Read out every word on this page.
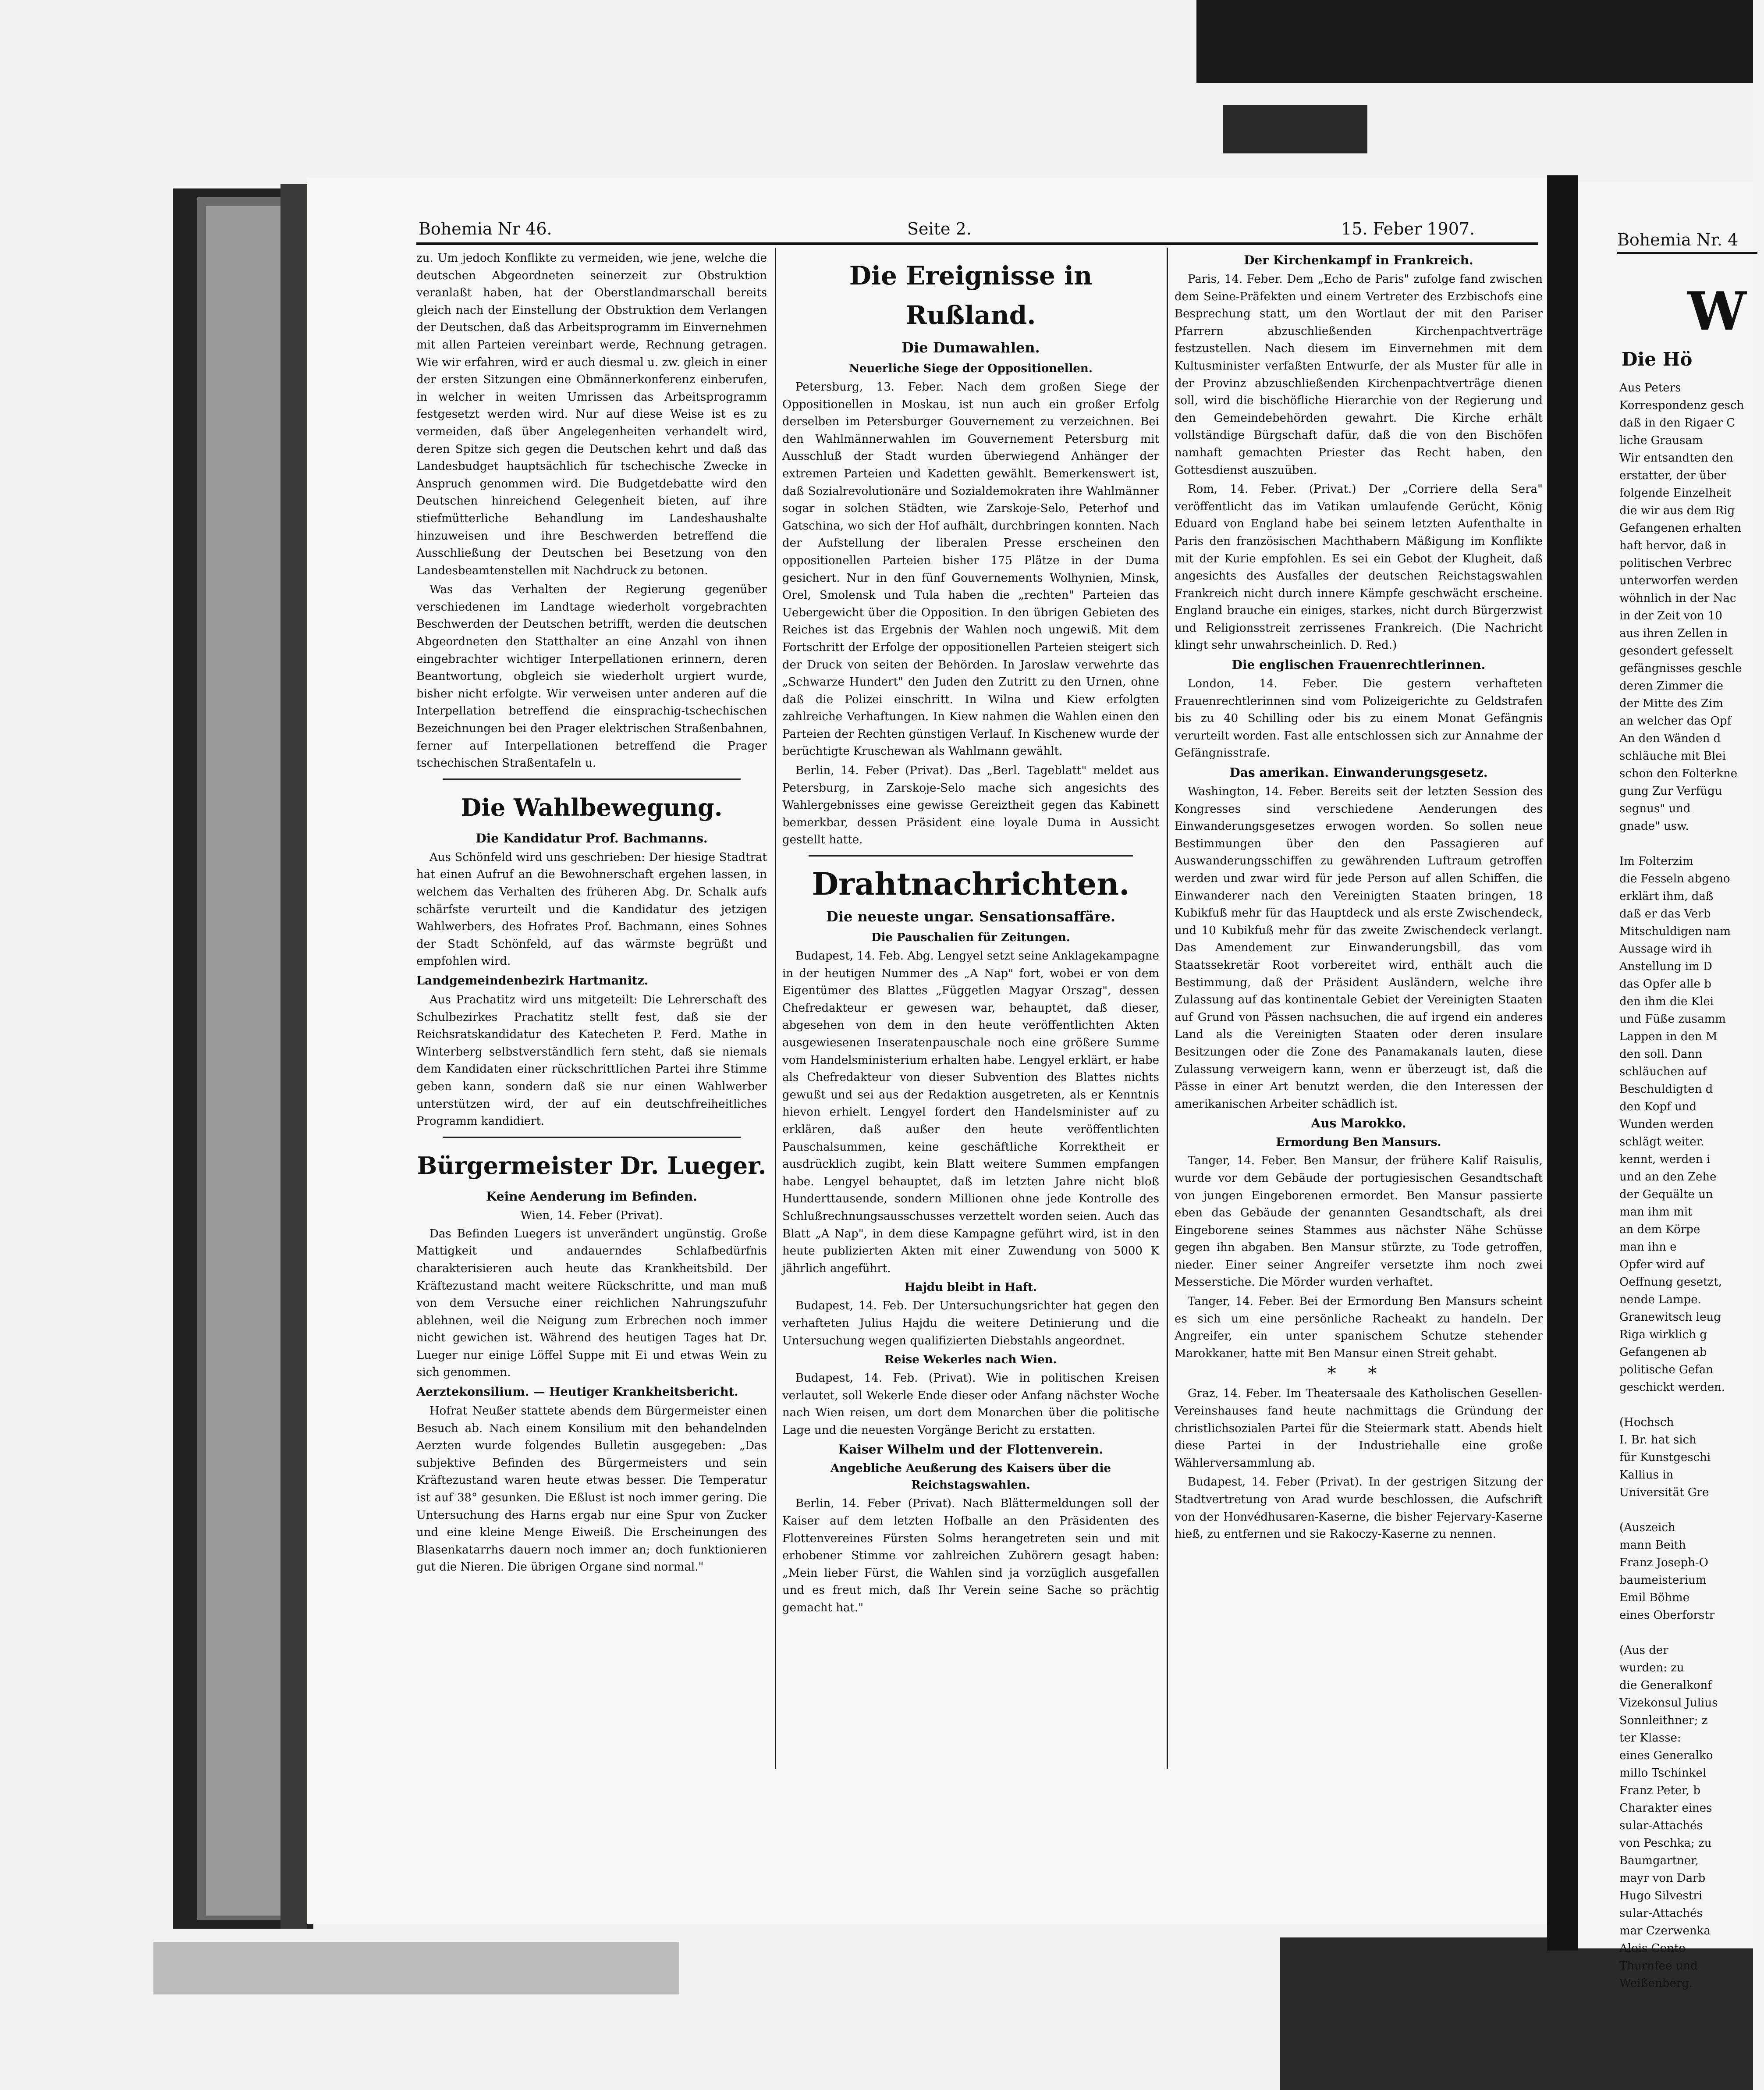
Bohemia Nr 46.	Seite 2.	15. Feber 1907.

zu. Um jedoch Konflikte zu vermeiden, wie jene, welche die deutschen Abgeordneten seinerzeit zur Obstruktion veranlaßt haben, hat der Oberstlandmarschall bereits gleich nach der Einstellung der Obstruktion dem Verlangen der Deutschen, daß das Arbeitsprogramm im Einvernehmen mit allen Parteien vereinbart werde, Rechnung getragen. Wie wir erfahren, wird er auch diesmal u. zw. gleich in einer der ersten Sitzungen eine Obmännerkonferenz einberufen, in welcher in weiten Umrissen das Arbeitsprogramm festgesetzt werden wird. Nur auf diese Weise ist es zu vermeiden, daß über Angelegenheiten verhandelt wird, deren Spitze sich gegen die Deutschen kehrt und daß das Landesbudget hauptsächlich für tschechische Zwecke in Anspruch genommen wird. Die Budgetdebatte wird den Deutschen hinreichend Gelegenheit bieten, auf ihre stiefmütterliche Behandlung im Landeshaushalte hinzuweisen und ihre Beschwerden betreffend die Ausschließung der Deutschen bei Besetzung von den Landesbeamtenstellen mit Nachdruck zu betonen.

Was das Verhalten der Regierung gegenüber verschiedenen im Landtage wiederholt vorgebrachten Beschwerden der Deutschen betrifft, werden die deutschen Abgeordneten den Statthalter an eine Anzahl von ihnen eingebrachter wichtiger Interpellationen erinnern, deren Beantwortung, obgleich sie wiederholt urgiert wurde, bisher nicht erfolgte. Wir verweisen unter anderen auf die Interpellation betreffend die einsprachig-tschechischen Bezeichnungen bei den Prager elektrischen Straßenbahnen, ferner auf Interpellationen betreffend die Prager tschechischen Straßentafeln u.

Die Wahlbewegung.
Die Kandidatur Prof. Bachmanns.

Aus Schönfeld wird uns geschrieben: Der hiesige Stadtrat hat einen Aufruf an die Bewohnerschaft ergehen lassen, in welchem das Verhalten des früheren Abg. Dr. Schalk aufs schärfste verurteilt und die Kandidatur des jetzigen Wahlwerbers, des Hofrates Prof. Bachmann, eines Sohnes der Stadt Schönfeld, auf das wärmste begrüßt und empfohlen wird.

Landgemeindenbezirk Hartmanitz.

Aus Prachatitz wird uns mitgeteilt: Die Lehrerschaft des Schulbezirkes Prachatitz stellt fest, daß sie der Reichsratskandidatur des Katecheten P. Ferd. Mathe in Winterberg selbstverständlich fern steht, daß sie niemals dem Kandidaten einer rückschrittlichen Partei ihre Stimme geben kann, sondern daß sie nur einen Wahlwerber unterstützen wird, der auf ein deutschfreiheitliches Programm kandidiert.

Bürgermeister Dr. Lueger.
Keine Aenderung im Befinden.
Wien, 14. Feber (Privat).

Das Befinden Luegers ist unverändert ungünstig. Große Mattigkeit und andauerndes Schlafbedürfnis charakterisieren auch heute das Krankheitsbild. Der Kräftezustand macht weitere Rückschritte, und man muß von dem Versuche einer reichlichen Nahrungszufuhr ablehnen, weil die Neigung zum Erbrechen noch immer nicht gewichen ist. Während des heutigen Tages hat Dr. Lueger nur einige Löffel Suppe mit Ei und etwas Wein zu sich genommen.

Aerztekonsilium. — Heutiger Krankheitsbericht.

Hofrat Neußer stattete abends dem Bürgermeister einen Besuch ab. Nach einem Konsilium mit den behandelnden Aerzten wurde folgendes Bulletin ausgegeben: „Das subjektive Befinden des Bürgermeisters und sein Kräftezustand waren heute etwas besser. Die Temperatur ist auf 38° gesunken. Die Eßlust ist noch immer gering. Die Untersuchung des Harns ergab nur eine Spur von Zucker und eine kleine Menge Eiweiß. Die Erscheinungen des Blasenkatarrhs dauern noch immer an; doch funktionieren gut die Nieren. Die übrigen Organe sind normal."

Die Ereignisse in Rußland.
Die Dumawahlen.
Neuerliche Siege der Oppositionellen.

Petersburg, 13. Feber. Nach dem großen Siege der Oppositionellen in Moskau, ist nun auch ein großer Erfolg derselben im Petersburger Gouvernement zu verzeichnen. Bei den Wahlmännerwahlen im Gouvernement Petersburg mit Ausschluß der Stadt wurden überwiegend Anhänger der extremen Parteien und Kadetten gewählt. Bemerkenswert ist, daß Sozialrevolutionäre und Sozialdemokraten ihre Wahlmänner sogar in solchen Städten, wie Zarskoje-Selo, Peterhof und Gatschina, wo sich der Hof aufhält, durchbringen konnten. Nach der Aufstellung der liberalen Presse erscheinen den oppositionellen Parteien bisher 175 Plätze in der Duma gesichert. Nur in den fünf Gouvernements Wolhynien, Minsk, Orel, Smolensk und Tula haben die „rechten" Parteien das Uebergewicht über die Opposition. In den übrigen Gebieten des Reiches ist das Ergebnis der Wahlen noch ungewiß. Mit dem Fortschritt der Erfolge der oppositionellen Parteien steigert sich der Druck von seiten der Behörden. In Jaroslaw verwehrte das „Schwarze Hundert" den Juden den Zutritt zu den Urnen, ohne daß die Polizei einschritt. In Wilna und Kiew erfolgten zahlreiche Verhaftungen. In Kiew nahmen die Wahlen einen den Parteien der Rechten günstigen Verlauf. In Kischenew wurde der berüchtigte Kruschewan als Wahlmann gewählt.

Berlin, 14. Feber (Privat). Das „Berl. Tageblatt" meldet aus Petersburg, in Zarskoje-Selo mache sich angesichts des Wahlergebnisses eine gewisse Gereiztheit gegen das Kabinett bemerkbar, dessen Präsident eine loyale Duma in Aussicht gestellt hatte.

Drahtnachrichten.
Die neueste ungar. Sensationsaffäre.
Die Pauschalien für Zeitungen.

Budapest, 14. Feb. Abg. Lengyel setzt seine Anklagekampagne in der heutigen Nummer des „A Nap" fort, wobei er von dem Eigentümer des Blattes „Független Magyar Orszag", dessen Chefredakteur er gewesen war, behauptet, daß dieser, abgesehen von dem in den heute veröffentlichten Akten ausgewiesenen Inseratenpauschale noch eine größere Summe vom Handelsministerium erhalten habe. Lengyel erklärt, er habe als Chefredakteur von dieser Subvention des Blattes nichts gewußt und sei aus der Redaktion ausgetreten, als er Kenntnis hievon erhielt. Lengyel fordert den Handelsminister auf zu erklären, daß außer den heute veröffentlichten Pauschalsummen, keine geschäftliche Korrektheit er ausdrücklich zugibt, kein Blatt weitere Summen empfangen habe. Lengyel behauptet, daß im letzten Jahre nicht bloß Hunderttausende, sondern Millionen ohne jede Kontrolle des Schlußrechnungsausschusses verzettelt worden seien. Auch das Blatt „A Nap", in dem diese Kampagne geführt wird, ist in den heute publizierten Akten mit einer Zuwendung von 5000 K jährlich angeführt.

Hajdu bleibt in Haft.

Budapest, 14. Feb. Der Untersuchungsrichter hat gegen den verhafteten Julius Hajdu die weitere Detinierung und die Untersuchung wegen qualifizierten Diebstahls angeordnet.

Reise Wekerles nach Wien.

Budapest, 14. Feb. (Privat). Wie in politischen Kreisen verlautet, soll Wekerle Ende dieser oder Anfang nächster Woche nach Wien reisen, um dort dem Monarchen über die politische Lage und die neuesten Vorgänge Bericht zu erstatten.

Kaiser Wilhelm und der Flottenverein.
Angebliche Aeußerung des Kaisers über die Reichstagswahlen.

Berlin, 14. Feber (Privat). Nach Blättermeldungen soll der Kaiser auf dem letzten Hofballe an den Präsidenten des Flottenvereines Fürsten Solms herangetreten sein und mit erhobener Stimme vor zahlreichen Zuhörern gesagt haben: „Mein lieber Fürst, die Wahlen sind ja vorzüglich ausgefallen und es freut mich, daß Ihr Verein seine Sache so prächtig gemacht hat."

Der Kirchenkampf in Frankreich.

Paris, 14. Feber. Dem „Echo de Paris" zufolge fand zwischen dem Seine-Präfekten und einem Vertreter des Erzbischofs eine Besprechung statt, um den Wortlaut der mit den Pariser Pfarrern abzuschließenden Kirchenpachtverträge festzustellen. Nach diesem im Einvernehmen mit dem Kultusminister verfaßten Entwurfe, der als Muster für alle in der Provinz abzuschließenden Kirchenpachtverträge dienen soll, wird die bischöfliche Hierarchie von der Regierung und den Gemeindebehörden gewahrt. Die Kirche erhält vollständige Bürgschaft dafür, daß die von den Bischöfen namhaft gemachten Priester das Recht haben, den Gottesdienst auszuüben.

Rom, 14. Feber. (Privat.) Der „Corriere della Sera" veröffentlicht das im Vatikan umlaufende Gerücht, König Eduard von England habe bei seinem letzten Aufenthalte in Paris den französischen Machthabern Mäßigung im Konflikte mit der Kurie empfohlen. Es sei ein Gebot der Klugheit, daß angesichts des Ausfalles der deutschen Reichstagswahlen Frankreich nicht durch innere Kämpfe geschwächt erscheine. England brauche ein einiges, starkes, nicht durch Bürgerzwist und Religionsstreit zerrissenes Frankreich. (Die Nachricht klingt sehr unwahrscheinlich. D. Red.)

Die englischen Frauenrechtlerinnen.

London, 14. Feber. Die gestern verhafteten Frauenrechtlerinnen sind vom Polizeigerichte zu Geldstrafen bis zu 40 Schilling oder bis zu einem Monat Gefängnis verurteilt worden. Fast alle entschlossen sich zur Annahme der Gefängnisstrafe.

Das amerikan. Einwanderungsgesetz.

Washington, 14. Feber. Bereits seit der letzten Session des Kongresses sind verschiedene Aenderungen des Einwanderungsgesetzes erwogen worden. So sollen neue Bestimmungen über den den Passagieren auf Auswanderungsschiffen zu gewährenden Luftraum getroffen werden und zwar wird für jede Person auf allen Schiffen, die Einwanderer nach den Vereinigten Staaten bringen, 18 Kubikfuß mehr für das Hauptdeck und als erste Zwischendeck, und 10 Kubikfuß mehr für das zweite Zwischendeck verlangt. Das Amendement zur Einwanderungsbill, das vom Staatssekretär Root vorbereitet wird, enthält auch die Bestimmung, daß der Präsident Ausländern, welche ihre Zulassung auf das kontinentale Gebiet der Vereinigten Staaten auf Grund von Pässen nachsuchen, die auf irgend ein anderes Land als die Vereinigten Staaten oder deren insulare Besitzungen oder die Zone des Panamakanals lauten, diese Zulassung verweigern kann, wenn er überzeugt ist, daß die Pässe in einer Art benutzt werden, die den Interessen der amerikanischen Arbeiter schädlich ist.

Aus Marokko.
Ermordung Ben Mansurs.

Tanger, 14. Feber. Ben Mansur, der frühere Kalif Raisulis, wurde vor dem Gebäude der portugiesischen Gesandtschaft von jungen Eingeborenen ermordet. Ben Mansur passierte eben das Gebäude der genannten Gesandtschaft, als drei Eingeborene seines Stammes aus nächster Nähe Schüsse gegen ihn abgaben. Ben Mansur stürzte, zu Tode getroffen, nieder. Einer seiner Angreifer versetzte ihm noch zwei Messerstiche. Die Mörder wurden verhaftet.

Tanger, 14. Feber. Bei der Ermordung Ben Mansurs scheint es sich um eine persönliche Racheakt zu handeln. Der Angreifer, ein unter spanischem Schutze stehender Marokkaner, hatte mit Ben Mansur einen Streit gehabt.

* *

Graz, 14. Feber. Im Theatersaale des Katholischen Gesellen-Vereinshauses fand heute nachmittags die Gründung der christlichsozialen Partei für die Steiermark statt. Abends hielt diese Partei in der Industriehalle eine große Wählerversammlung ab.

Budapest, 14. Feber (Privat). In der gestrigen Sitzung der Stadtvertretung von Arad wurde beschlossen, die Aufschrift von der Honvédhusaren-Kaserne, die bisher Fejervary-Kaserne hieß, zu entfernen und sie Rakoczy-Kaserne zu nennen.

Bohemia Nr. 4
W
Die Hö
Aus Peters
Korrespondenz gesch
daß in den Rigaer C
liche Grausam
Wir entsandten den
erstatter, der über
folgende Einzelheit
die wir aus dem Rig
Gefangenen erhalten
haft hervor, daß in
politischen Verbrec
unterworfen werden
wöhnlich in der Nac
in der Zeit von 10
aus ihren Zellen in
gesondert gefesselt
gefängnisses geschle
deren Zimmer die
der Mitte des Zim
an welcher das Opf
An den Wänden d
schläuche mit Blei
schon den Folterkne
gung Zur Verfügu
segnus" und
gnade" usw.

Im Folterzim
die Fesseln abgeno
erklärt ihm, daß
daß er das Verb
Mitschuldigen nam
Aussage wird ih
Anstellung im D
das Opfer alle b
den ihm die Klei
und Füße zusamm
Lappen in den M
den soll. Dann
schläuchen auf
Beschuldigten d
den Kopf und
Wunden werden
schlägt weiter.
kennt, werden i
und an den Zehe
der Gequälte un
man ihm mit
an dem Körpe
man ihn e
Opfer wird auf
Oeffnung gesetzt,
nende Lampe.
Granewitsch leug
Riga wirklich g
Gefangenen ab
politische Gefan
geschickt werden.

(Hochsch
I. Br. hat sich
für Kunstgeschi
Kallius in
Universität Gre

(Auszeich
mann Beith
Franz Joseph-O
baumeisterium
Emil Böhme
eines Oberforstr

(Aus der
wurden: zu
die Generalkonf
Vizekonsul Julius
Sonnleithner; z
ter Klasse:
eines Generalko
millo Tschinkel
Franz Peter, b
Charakter eines
sular-Attachés
von Peschka; zu
Baumgartner,
mayr von Darb
Hugo Silvestri
sular-Attachés
mar Czerwenka
Alois Conte
Thurnfee und
Weißenberg.
